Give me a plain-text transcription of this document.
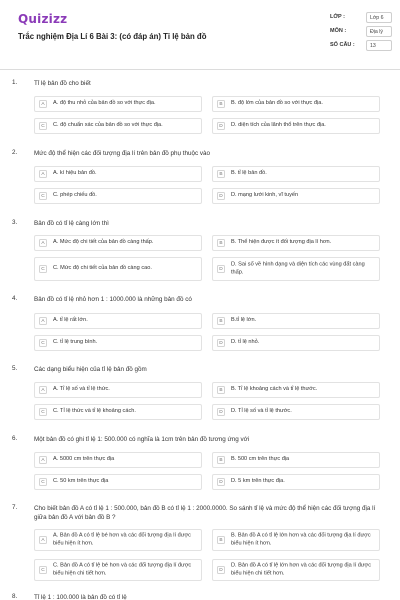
Quizizz
Trắc nghiệm Địa Lí 6 Bài 3: (có đáp án) Tỉ lệ bản đồ
LỚP :	Lớp 6
MÔN :	Địa lý
SỐ CÂU :	13
1.	Tỉ lệ bản đồ cho biết
A	A. độ thu nhỏ của bản đồ so với thực địa.	B	B. độ lớn của bản đồ so với thực địa.
C	C. độ chuẩn xác của bản đồ so với thực địa.	D	D. diện tích của lãnh thổ trên thực địa.
2.	Mức độ thể hiện các đối tượng địa lí trên bản đồ phụ thuộc vào
A	A. kí hiệu bản đồ.	B	B. tỉ lệ bản đồ.
C	C. phép chiếu đồ.	D	D. mạng lưới kinh, vĩ tuyến
3.	Bản đồ có tỉ lệ càng lớn thì
A	A. Mức độ chi tiết của bản đồ càng thấp.	B	B. Thể hiện được ít đối tượng địa lí hơn.
C	C. Mức độ chi tiết của bản đồ càng cao.	D
D. Sai số về hình dạng và diện tích các vùng đất càng thấp.
4.	Bản đồ có tỉ lệ nhỏ hơn 1 : 1000.000 là những bản đồ có
A	A. tỉ lệ rất lớn.	B	B.tỉ lệ lớn.
C	C. tỉ lệ trung bình.	D	D. tỉ lệ nhỏ.
5.	Các dạng biểu hiện của tỉ lệ bản đồ gồm
A	A. Tỉ lệ số và tỉ lệ thức.	B	B. Tỉ lệ khoảng cách và tỉ lệ thước.
C	C. Tỉ lệ thức và tỉ lệ khoảng cách.	D	D. Tỉ lệ số và tỉ lệ thước.
6.	Một bản đồ có ghi tỉ lệ 1: 500.000 có nghĩa là 1cm trên bản đồ tương ứng với
A	A. 5000 cm trên thực địa	B	B. 500 cm trên thực địa
C	C. 50 km trên thực địa	D	D. 5 km trên thực địa.
7.	Cho biết bản đồ A có tỉ lệ 1 : 500.000, bản đồ B có tỉ lệ 1 : 2000.0000. So sánh tỉ lệ và mức độ thể hiện các đối tượng địa lí giữa bản đồ A với bản đồ B ?
A
A. Bản đồ A có tỉ lệ bé hơn và các đối tượng địa lí được biểu hiện ít hơn.	B
B. Bản đồ A có tỉ lệ lớn hơn và các đối tượng địa lí được biểu hiện ít hơn.
C
C. Bản đồ A có tỉ lệ bé hơn và các đối tượng địa lí được biểu hiện chi tiết hơn.	D
D. Bản đồ A có tỉ lệ lớn hơn và các đối tượng địa lí được biểu hiện chi tiết hơn.
8.	Tỉ lệ 1 : 100.000 là bản đồ có tỉ lệ
